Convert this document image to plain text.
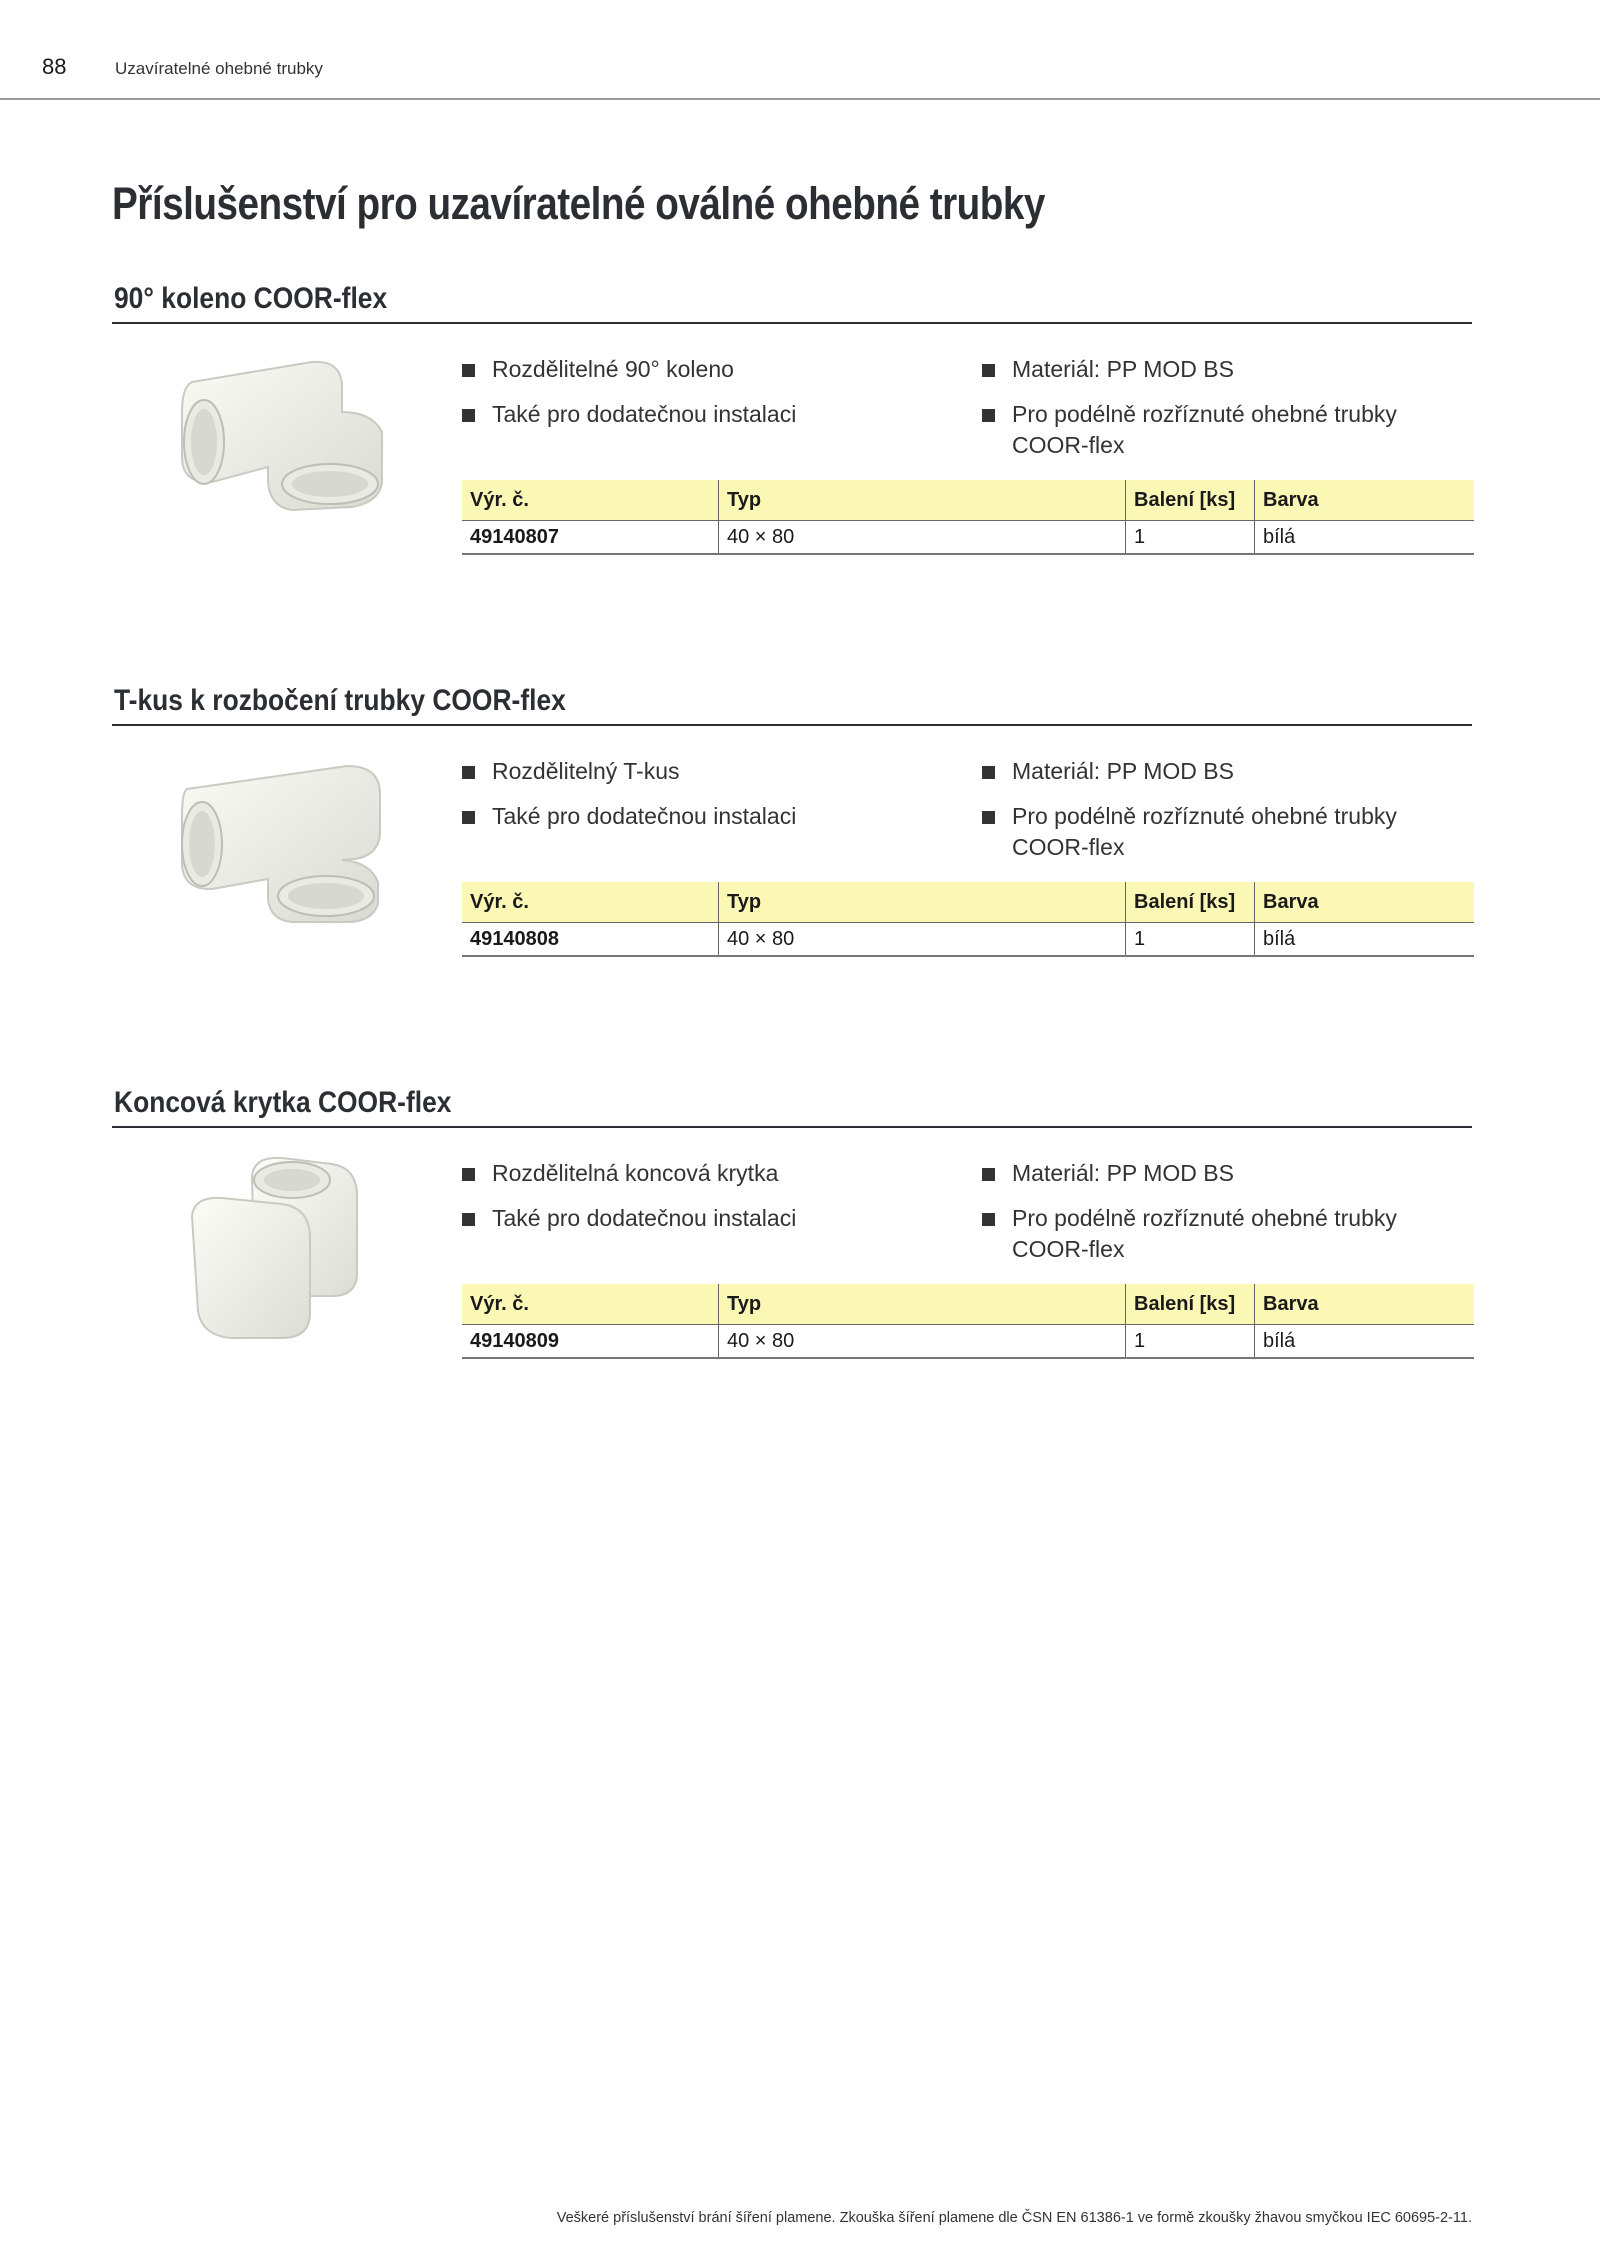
88	Uzavíratelné ohebné trubky
Příslušenství pro uzavíratelné oválné ohebné trubky
90° koleno COOR-flex
Rozdělitelné 90° koleno
Také pro dodatečnou instalaci
Materiál: PP MOD BS
Pro podélně rozříznuté ohebné trubky COOR-flex
Výr. č.	Typ	Balení [ks]	Barva
49140807	40 × 80	1	bílá
T-kus k rozbočení trubky COOR-flex
Rozdělitelný T-kus
Také pro dodatečnou instalaci
Materiál: PP MOD BS
Pro podélně rozříznuté ohebné trubky COOR-flex
Výr. č.	Typ	Balení [ks]	Barva
49140808	40 × 80	1	bílá
Koncová krytka COOR-flex
Rozdělitelná koncová krytka
Také pro dodatečnou instalaci
Materiál: PP MOD BS
Pro podélně rozříznuté ohebné trubky COOR-flex
Výr. č.	Typ	Balení [ks]	Barva
49140809	40 × 80	1	bílá
Veškeré příslušenství brání šíření plamene. Zkouška šíření plamene dle ČSN EN 61386-1 ve formě zkoušky žhavou smyčkou IEC 60695-2-11.
